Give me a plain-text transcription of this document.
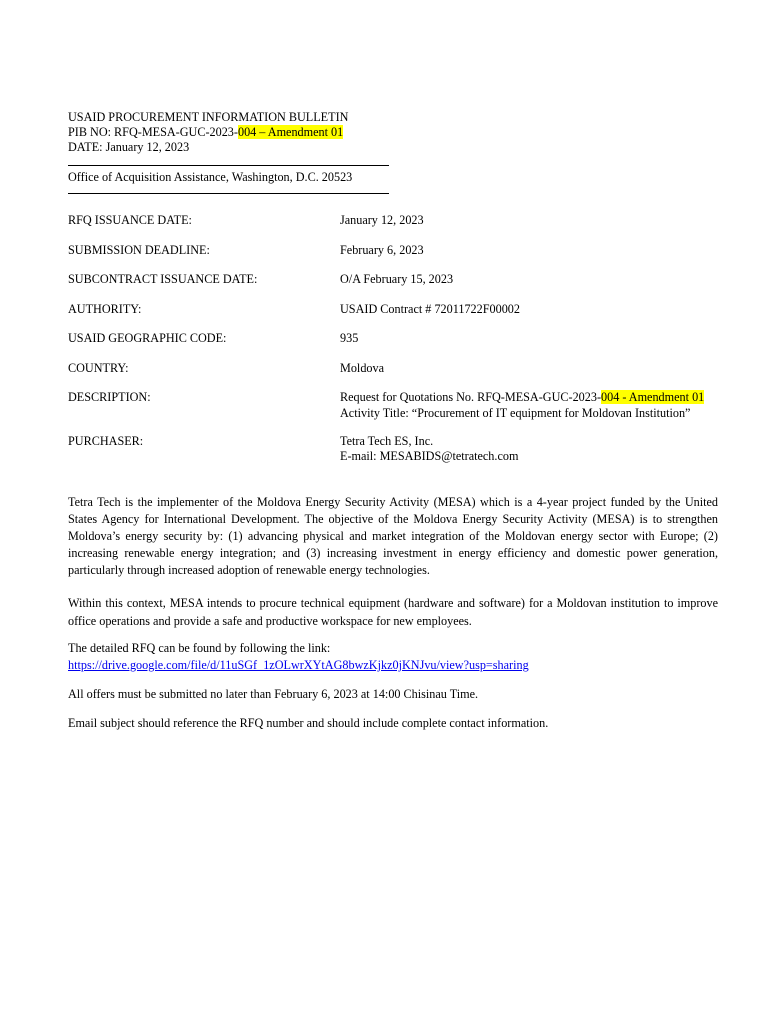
USAID PROCUREMENT INFORMATION BULLETIN
PIB NO: RFQ-MESA-GUC-2023-004 – Amendment 01
DATE: January 12, 2023
Office of Acquisition Assistance, Washington, D.C. 20523
RFQ ISSUANCE DATE:	January 12, 2023
SUBMISSION DEADLINE:	February 6, 2023
SUBCONTRACT ISSUANCE DATE:	O/A February 15, 2023
AUTHORITY:	USAID Contract # 72011722F00002
USAID GEOGRAPHIC CODE:	935
COUNTRY:	Moldova
DESCRIPTION:	Request for Quotations No. RFQ-MESA-GUC-2023-004 - Amendment 01
Activity Title: “Procurement of IT equipment for Moldovan Institution”
PURCHASER:	Tetra Tech ES, Inc.
E-mail: MESABIDS@tetratech.com

Tetra Tech is the implementer of the Moldova Energy Security Activity (MESA) which is a 4-year project funded by the United States Agency for International Development. The objective of the Moldova Energy Security Activity (MESA) is to strengthen Moldova’s energy security by: (1) advancing physical and market integration of the Moldovan energy sector with Europe; (2) increasing renewable energy integration; and (3) increasing investment in energy efficiency and domestic power generation, particularly through increased adoption of renewable energy technologies.

Within this context, MESA intends to procure technical equipment (hardware and software) for a Moldovan institution to improve office operations and provide a safe and productive workspace for new employees.

The detailed RFQ can be found by following the link:
https://drive.google.com/file/d/11uSGf_1zOLwrXYtAG8bwzKjkz0jKNJvu/view?usp=sharing

All offers must be submitted no later than February 6, 2023 at 14:00 Chisinau Time.

Email subject should reference the RFQ number and should include complete contact information.
